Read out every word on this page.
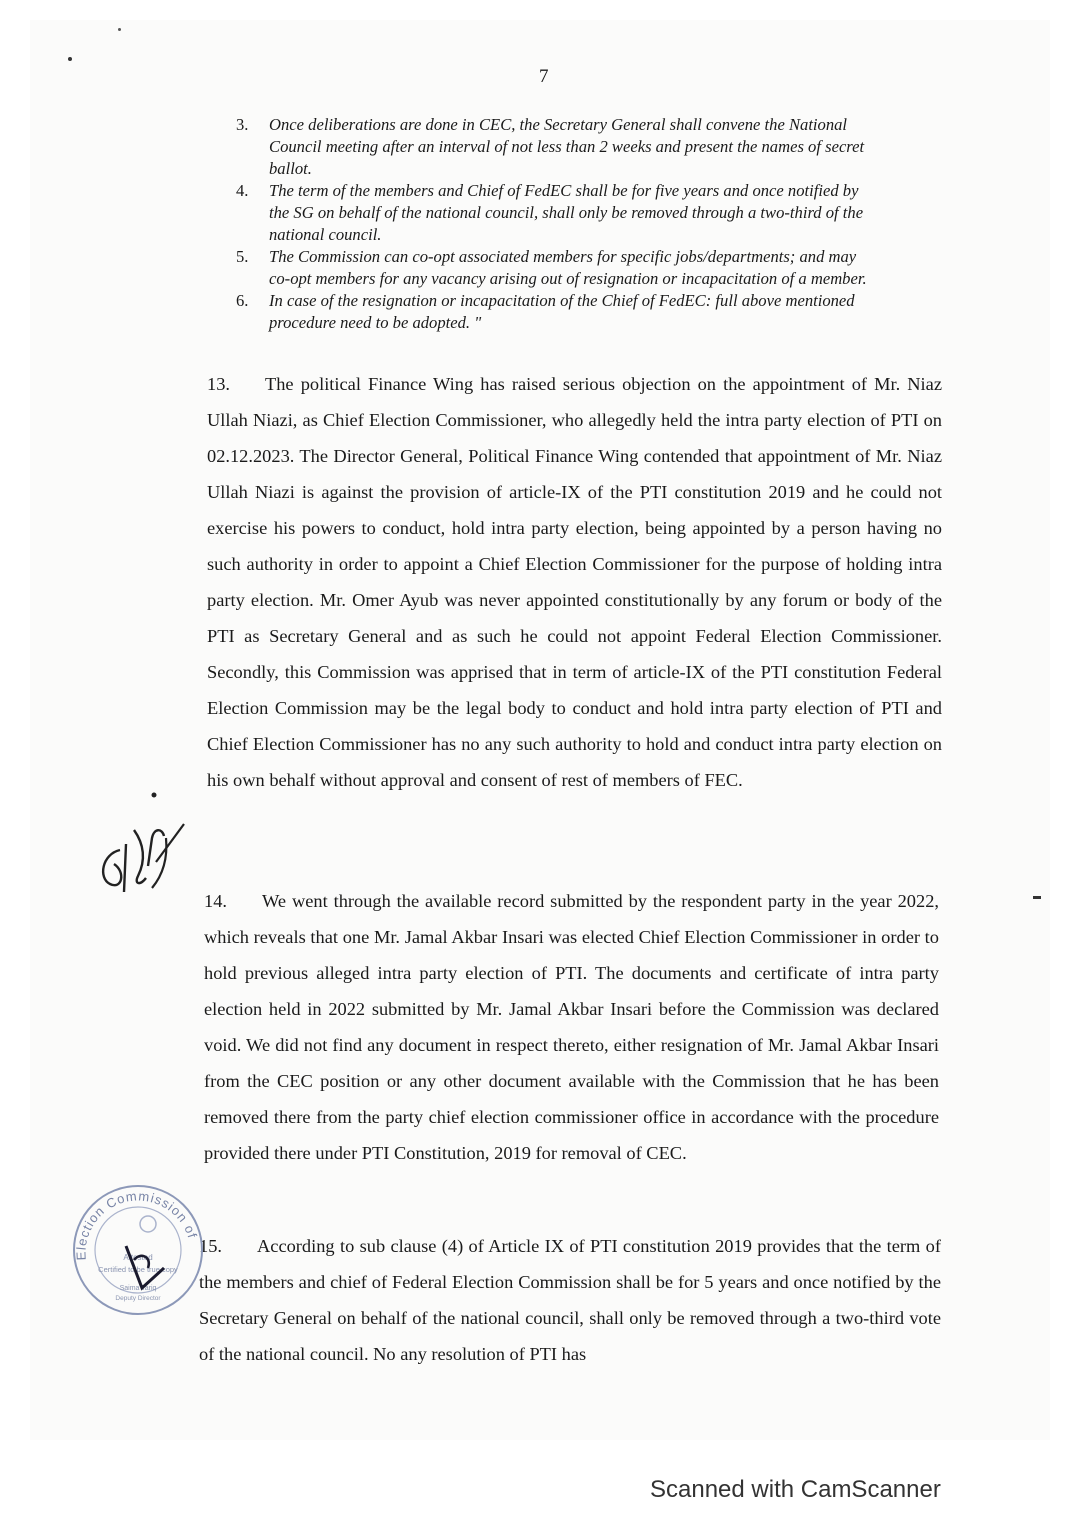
7
3. Once deliberations are done in CEC, the Secretary General shall convene the National Council meeting after an interval of not less than 2 weeks and present the names of secret ballot.
4. The term of the members and Chief of FedEC shall be for five years and once notified by the SG on behalf of the national council, shall only be removed through a two-third of the national council.
5. The Commission can co-opt associated members for specific jobs/departments; and may co-opt members for any vacancy arising out of resignation or incapacitation of a member.
6. In case of the resignation or incapacitation of the Chief of FedEC: full above mentioned procedure need to be adopted. "
13. The political Finance Wing has raised serious objection on the appointment of Mr. Niaz Ullah Niazi, as Chief Election Commissioner, who allegedly held the intra party election of PTI on 02.12.2023. The Director General, Political Finance Wing contended that appointment of Mr. Niaz Ullah Niazi is against the provision of article-IX of the PTI constitution 2019 and he could not exercise his powers to conduct, hold intra party election, being appointed by a person having no such authority in order to appoint a Chief Election Commissioner for the purpose of holding intra party election. Mr. Omer Ayub was never appointed constitutionally by any forum or body of the PTI as Secretary General and as such he could not appoint Federal Election Commissioner. Secondly, this Commission was apprised that in term of article-IX of the PTI constitution Federal Election Commission may be the legal body to conduct and hold intra party election of PTI and Chief Election Commissioner has no any such authority to hold and conduct intra party election on his own behalf without approval and consent of rest of members of FEC.
14. We went through the available record submitted by the respondent party in the year 2022, which reveals that one Mr. Jamal Akbar Insari was elected Chief Election Commissioner in order to hold previous alleged intra party election of PTI. The documents and certificate of intra party election held in 2022 submitted by Mr. Jamal Akbar Insari before the Commission was declared void. We did not find any document in respect thereto, either resignation of Mr. Jamal Akbar Insari from the CEC position or any other document available with the Commission that he has been removed there from the party chief election commissioner office in accordance with the procedure provided there under PTI Constitution, 2019 for removal of CEC.
15. According to sub clause (4) of Article IX of PTI constitution 2019 provides that the term of the members and chief of Federal Election Commission shall be for 5 years and once notified by the Secretary General on behalf of the national council, shall only be removed through a two-third vote of the national council. No any resolution of PTI has
Election Commission of
Attested
Certified to be true copy
Saima Tariq
Deputy Director
Scanned with CamScanner
